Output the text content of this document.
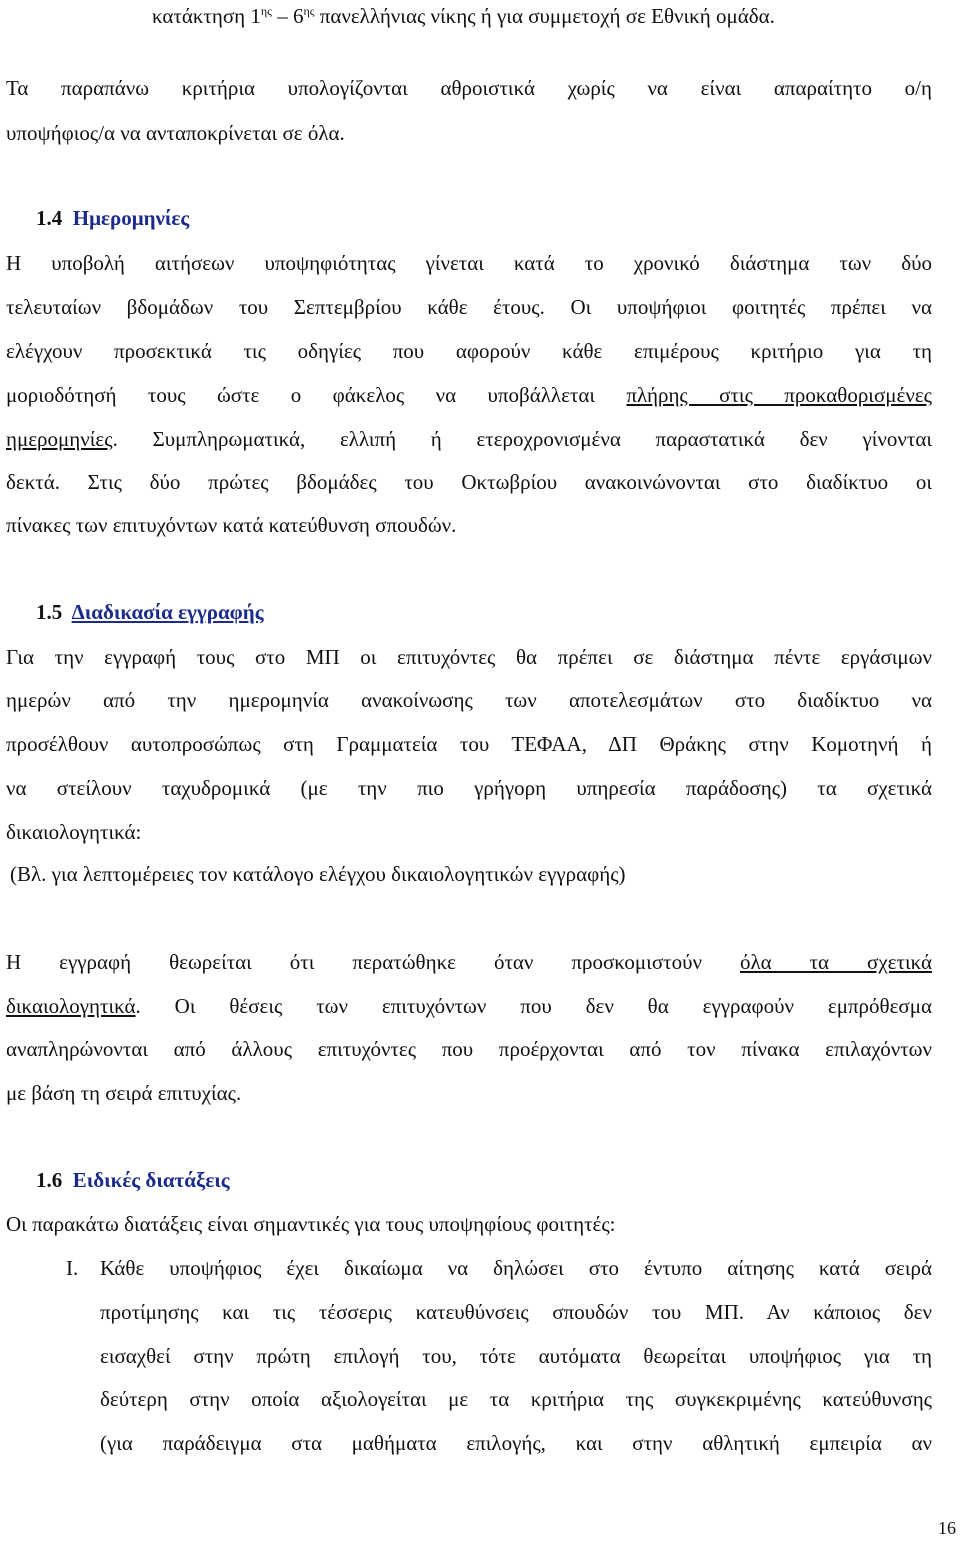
κατάκτηση $1^{\eta\varsigma} - 6^{\eta\varsigma}$ πανελλήνιας νίκης ή για συμμετοχή σε Εθνική ομάδα.
Τα παραπάνω κριτήρια υπολογίζονται αθροιστικά χωρίς να είναι απαραίτητο ο/η
υποψήφιος/α να ανταποκρίνεται σε όλα.
1.4 Ημερομηνίες
Η υποβολή αιτήσεων υποψηφιότητας γίνεται κατά το χρονικό διάστημα των δύο
τελευταίων βδομάδων του Σεπτεμβρίου κάθε έτους. Οι υποψήφιοι φοιτητές πρέπει να
ελέγχουν προσεκτικά τις οδηγίες που αφορούν κάθε επιμέρους κριτήριο για τη
μοριοδότησή τους ώστε ο φάκελος να υποβάλλεται πλήρης στις προκαθορισμένες
ημερομηνίες. Συμπληρωματικά, ελλιπή ή ετεροχρονισμένα παραστατικά δεν γίνονται
δεκτά. Στις δύο πρώτες βδομάδες του Οκτωβρίου ανακοινώνονται στο διαδίκτυο οι
πίνακες των επιτυχόντων κατά κατεύθυνση σπουδών.
1.5 Διαδικασία εγγραφής
Για την εγγραφή τους στο ΜΠ οι επιτυχόντες θα πρέπει σε διάστημα πέντε εργάσιμων
ημερών από την ημερομηνία ανακοίνωσης των αποτελεσμάτων στο διαδίκτυο να
προσέλθουν αυτοπροσώπως στη Γραμματεία του ΤΕΦΑΑ, ΔΠ Θράκης στην Κομοτηνή ή
να στείλουν ταχυδρομικά (με την πιο γρήγορη υπηρεσία παράδοσης) τα σχετικά
δικαιολογητικά:
(Βλ. για λεπτομέρειες τον κατάλογο ελέγχου δικαιολογητικών εγγραφής)
Η εγγραφή θεωρείται ότι περατώθηκε όταν προσκομιστούν όλα τα σχετικά
δικαιολογητικά. Οι θέσεις των επιτυχόντων που δεν θα εγγραφούν εμπρόθεσμα
αναπληρώνονται από άλλους επιτυχόντες που προέρχονται από τον πίνακα επιλαχόντων
με βάση τη σειρά επιτυχίας.
1.6 Ειδικές διατάξεις
Οι παρακάτω διατάξεις είναι σημαντικές για τους υποψηφίους φοιτητές:
Ι. Κάθε υποψήφιος έχει δικαίωμα να δηλώσει στο έντυπο αίτησης κατά σειρά
προτίμησης και τις τέσσερις κατευθύνσεις σπουδών του ΜΠ. Αν κάποιος δεν
εισαχθεί στην πρώτη επιλογή του, τότε αυτόματα θεωρείται υποψήφιος για τη
δεύτερη στην οποία αξιολογείται με τα κριτήρια της συγκεκριμένης κατεύθυνσης
(για παράδειγμα στα μαθήματα επιλογής, και στην αθλητική εμπειρία αν
16
